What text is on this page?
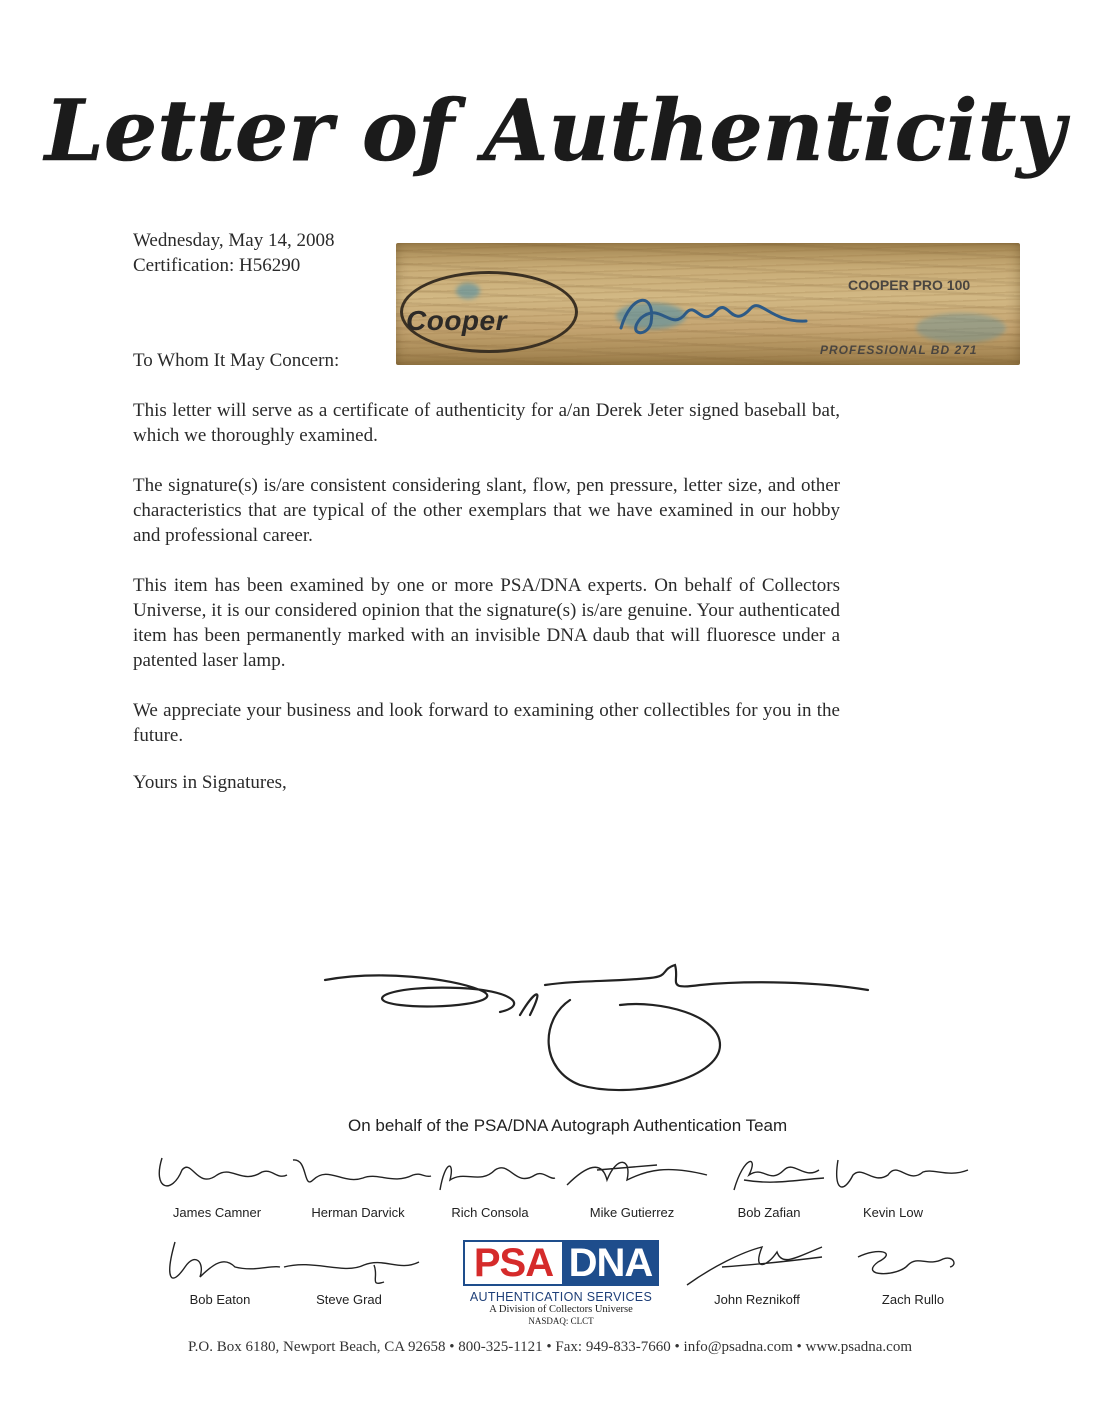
Letter of Authenticity
Wednesday, May 14, 2008
Certification: H56290
Cooper
COOPER PRO 100
PROFESSIONAL BD 271
To Whom It May Concern:

This letter will serve as a certificate of authenticity for a/an Derek Jeter signed baseball bat, which we thoroughly examined.

The signature(s) is/are consistent considering slant, flow, pen pressure, letter size, and other characteristics that are typical of the other exemplars that we have examined in our hobby and professional career.

This item has been examined by one or more PSA/DNA experts. On behalf of Collectors Universe, it is our considered opinion that the signature(s) is/are genuine. Your authenticated item has been permanently marked with an invisible DNA daub that will fluoresce under a patented laser lamp.

We appreciate your business and look forward to examining other collectibles for you in the future.

Yours in Signatures,
On behalf of the PSA/DNA Autograph Authentication Team
James Camner	Herman Darvick	Rich Consola	Mike Gutierrez	Bob Zafian	Kevin Low
Bob Eaton	Steve Grad	John Reznikoff	Zach Rullo
PSA DNA
AUTHENTICATION SERVICES
A Division of Collectors Universe
NASDAQ: CLCT
P.O. Box 6180, Newport Beach, CA 92658 • 800-325-1121 • Fax: 949-833-7660 • info@psadna.com • www.psadna.com
